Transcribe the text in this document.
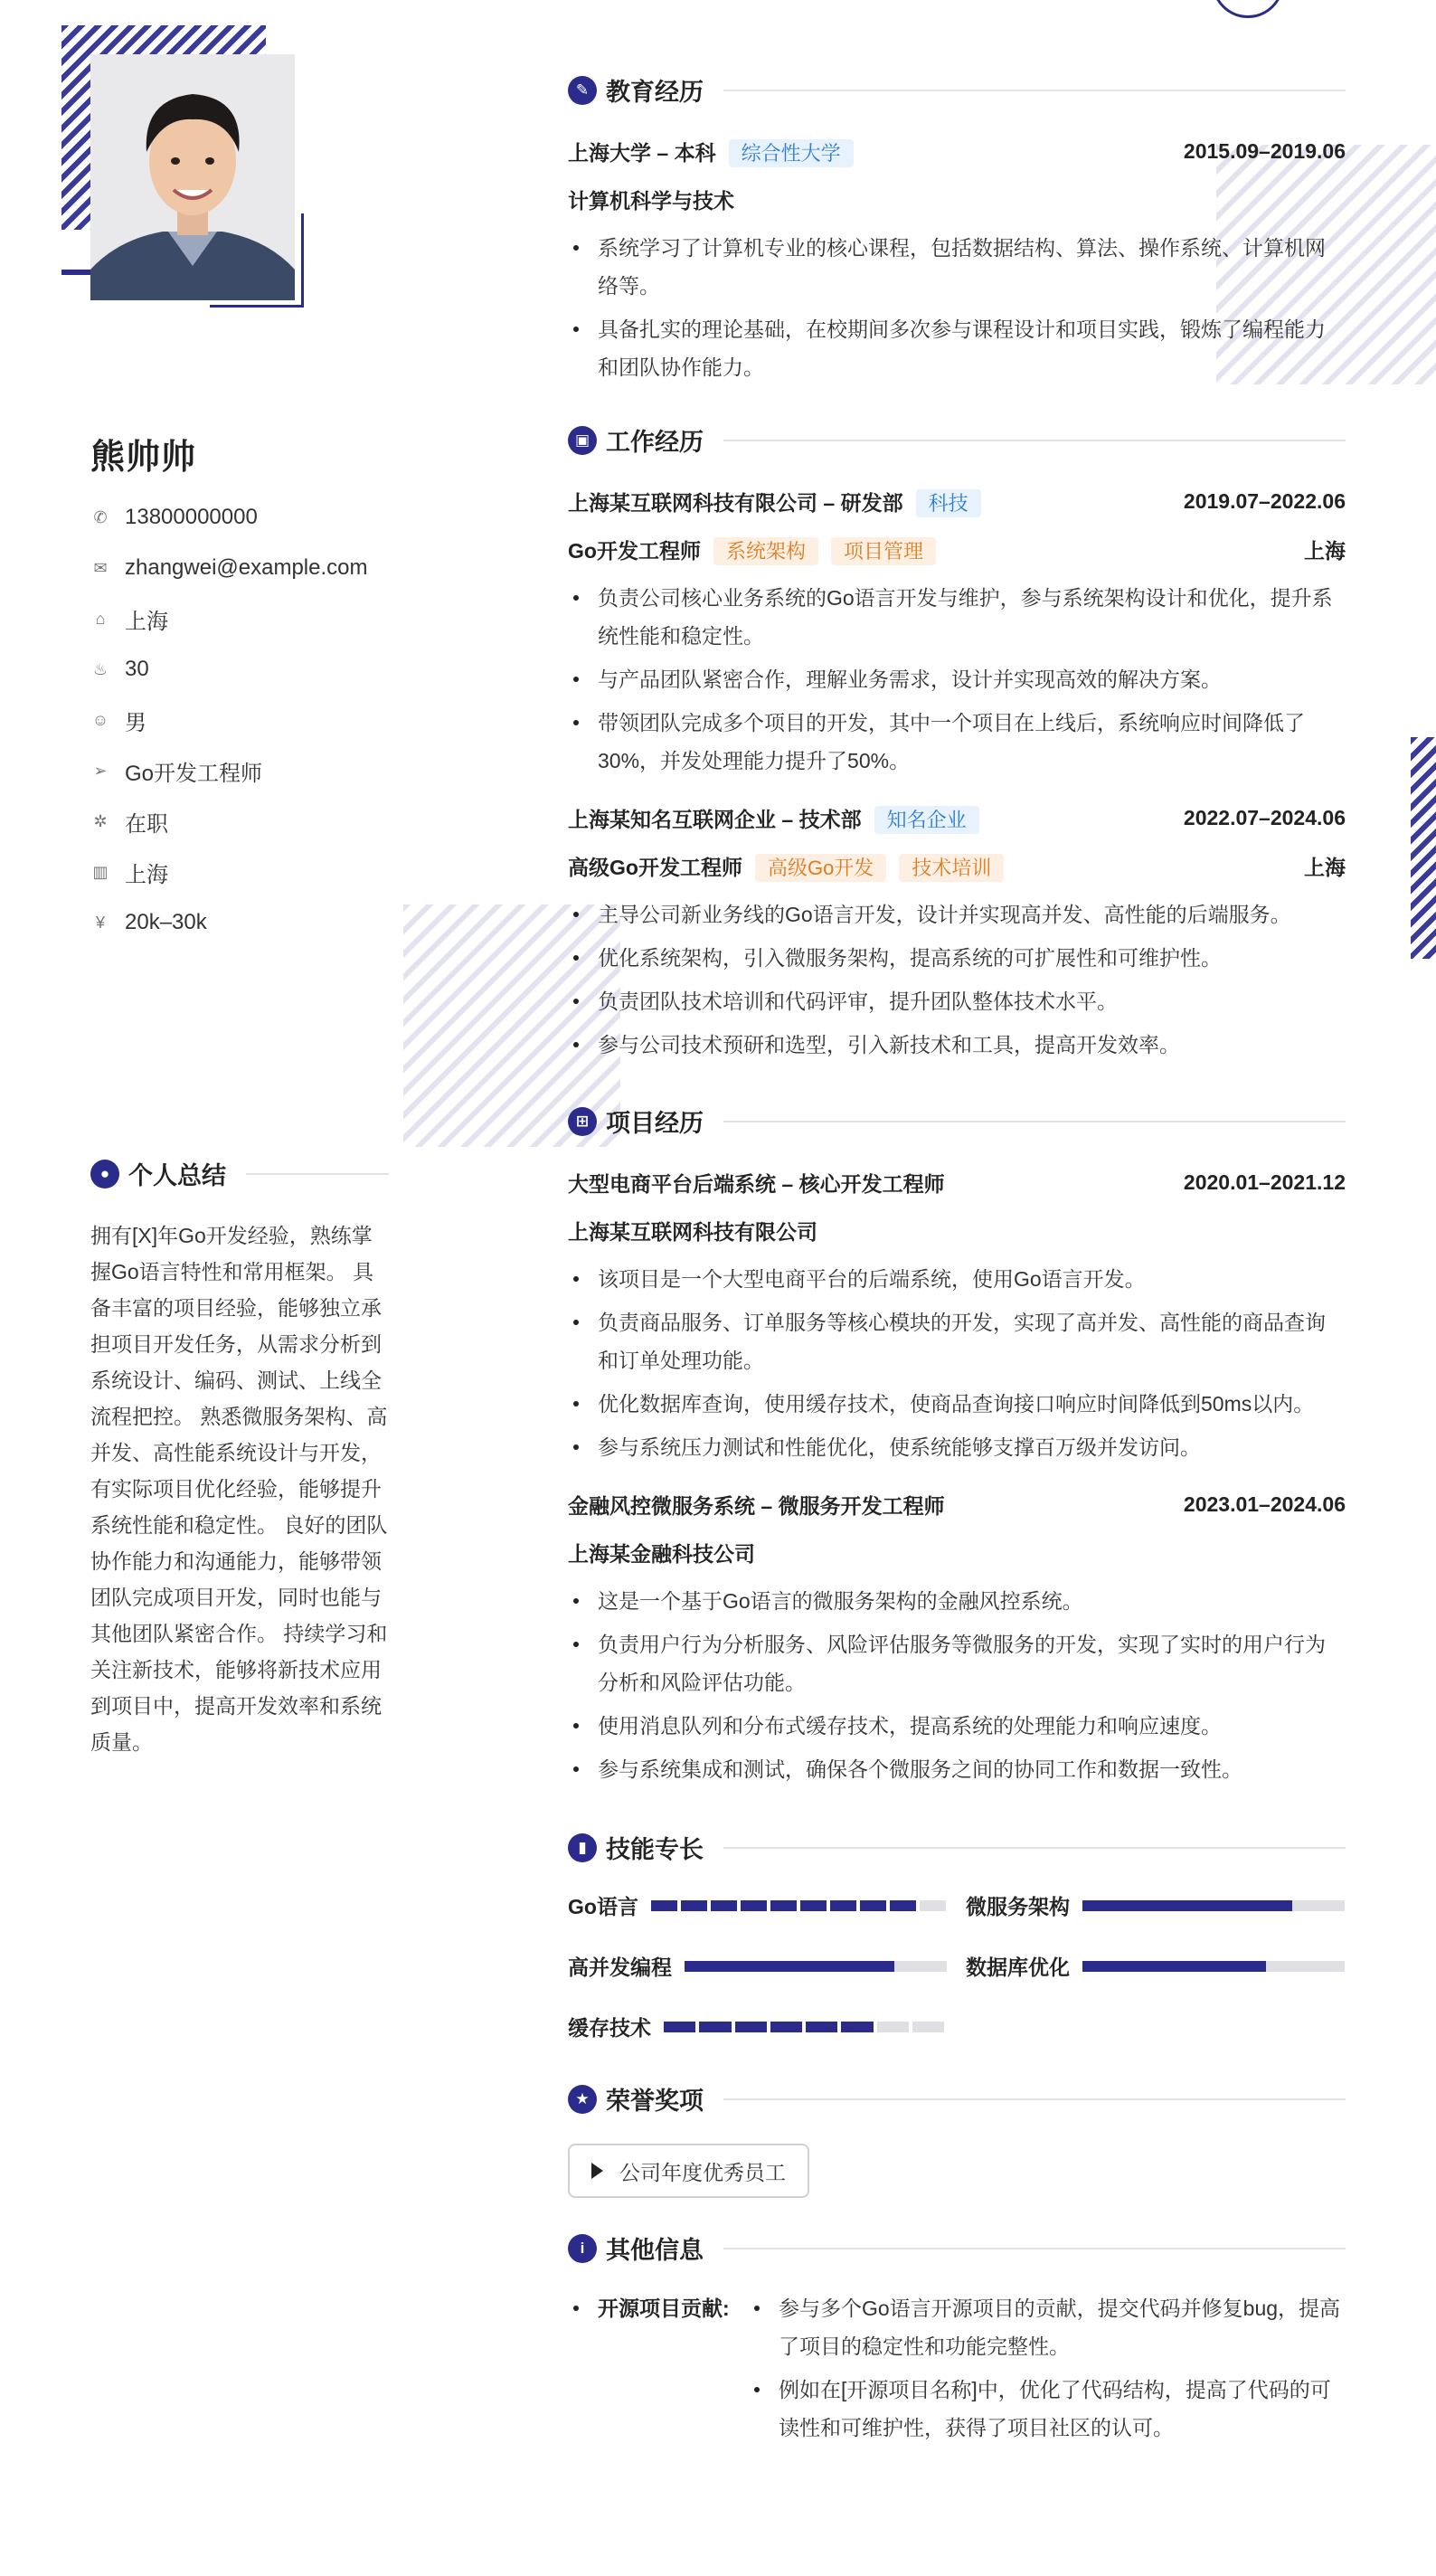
熊帅帅
✆ 13800000000
✉ zhangwei@example.com
⌂ 上海
♨ 30
☺ 男
➢ Go开发工程师
✲ 在职
▥ 上海
¥ 20k–30k
● 个人总结
拥有[X]年Go开发经验，熟练掌握Go语言特性和常用框架。 具备丰富的项目经验，能够独立承担项目开发任务，从需求分析到系统设计、编码、测试、上线全流程把控。 熟悉微服务架构、高并发、高性能系统设计与开发，有实际项目优化经验，能够提升系统性能和稳定性。 良好的团队协作能力和沟通能力，能够带领团队完成项目开发，同时也能与其他团队紧密合作。 持续学习和关注新技术，能够将新技术应用到项目中，提高开发效率和系统质量。
✎ 教育经历
上海大学 – 本科 综合性大学	2015.09–2019.06
计算机科学与技术
系统学习了计算机专业的核心课程，包括数据结构、算法、操作系统、计算机网络等。
具备扎实的理论基础，在校期间多次参与课程设计和项目实践，锻炼了编程能力和团队协作能力。
▣ 工作经历
上海某互联网科技有限公司 – 研发部 科技	2019.07–2022.06
Go开发工程师 系统架构 项目管理	上海
负责公司核心业务系统的Go语言开发与维护，参与系统架构设计和优化，提升系统性能和稳定性。
与产品团队紧密合作，理解业务需求，设计并实现高效的解决方案。
带领团队完成多个项目的开发，其中一个项目在上线后，系统响应时间降低了30%，并发处理能力提升了50%。
上海某知名互联网企业 – 技术部 知名企业	2022.07–2024.06
高级Go开发工程师 高级Go开发 技术培训	上海
主导公司新业务线的Go语言开发，设计并实现高并发、高性能的后端服务。
优化系统架构，引入微服务架构，提高系统的可扩展性和可维护性。
负责团队技术培训和代码评审，提升团队整体技术水平。
参与公司技术预研和选型，引入新技术和工具，提高开发效率。
⊞ 项目经历
大型电商平台后端系统 – 核心开发工程师	2020.01–2021.12
上海某互联网科技有限公司
该项目是一个大型电商平台的后端系统，使用Go语言开发。
负责商品服务、订单服务等核心模块的开发，实现了高并发、高性能的商品查询和订单处理功能。
优化数据库查询，使用缓存技术，使商品查询接口响应时间降低到50ms以内。
参与系统压力测试和性能优化，使系统能够支撑百万级并发访问。
金融风控微服务系统 – 微服务开发工程师	2023.01–2024.06
上海某金融科技公司
这是一个基于Go语言的微服务架构的金融风控系统。
负责用户行为分析服务、风险评估服务等微服务的开发，实现了实时的用户行为分析和风险评估功能。
使用消息队列和分布式缓存技术，提高系统的处理能力和响应速度。
参与系统集成和测试，确保各个微服务之间的协同工作和数据一致性。
▮ 技能专长
Go语言	微服务架构
高并发编程	数据库优化
缓存技术
★ 荣誉奖项
公司年度优秀员工
i 其他信息
开源项目贡献:	参与多个Go语言开源项目的贡献，提交代码并修复bug，提高了项目的稳定性和功能完整性。
例如在[开源项目名称]中，优化了代码结构，提高了代码的可读性和可维护性，获得了项目社区的认可。
